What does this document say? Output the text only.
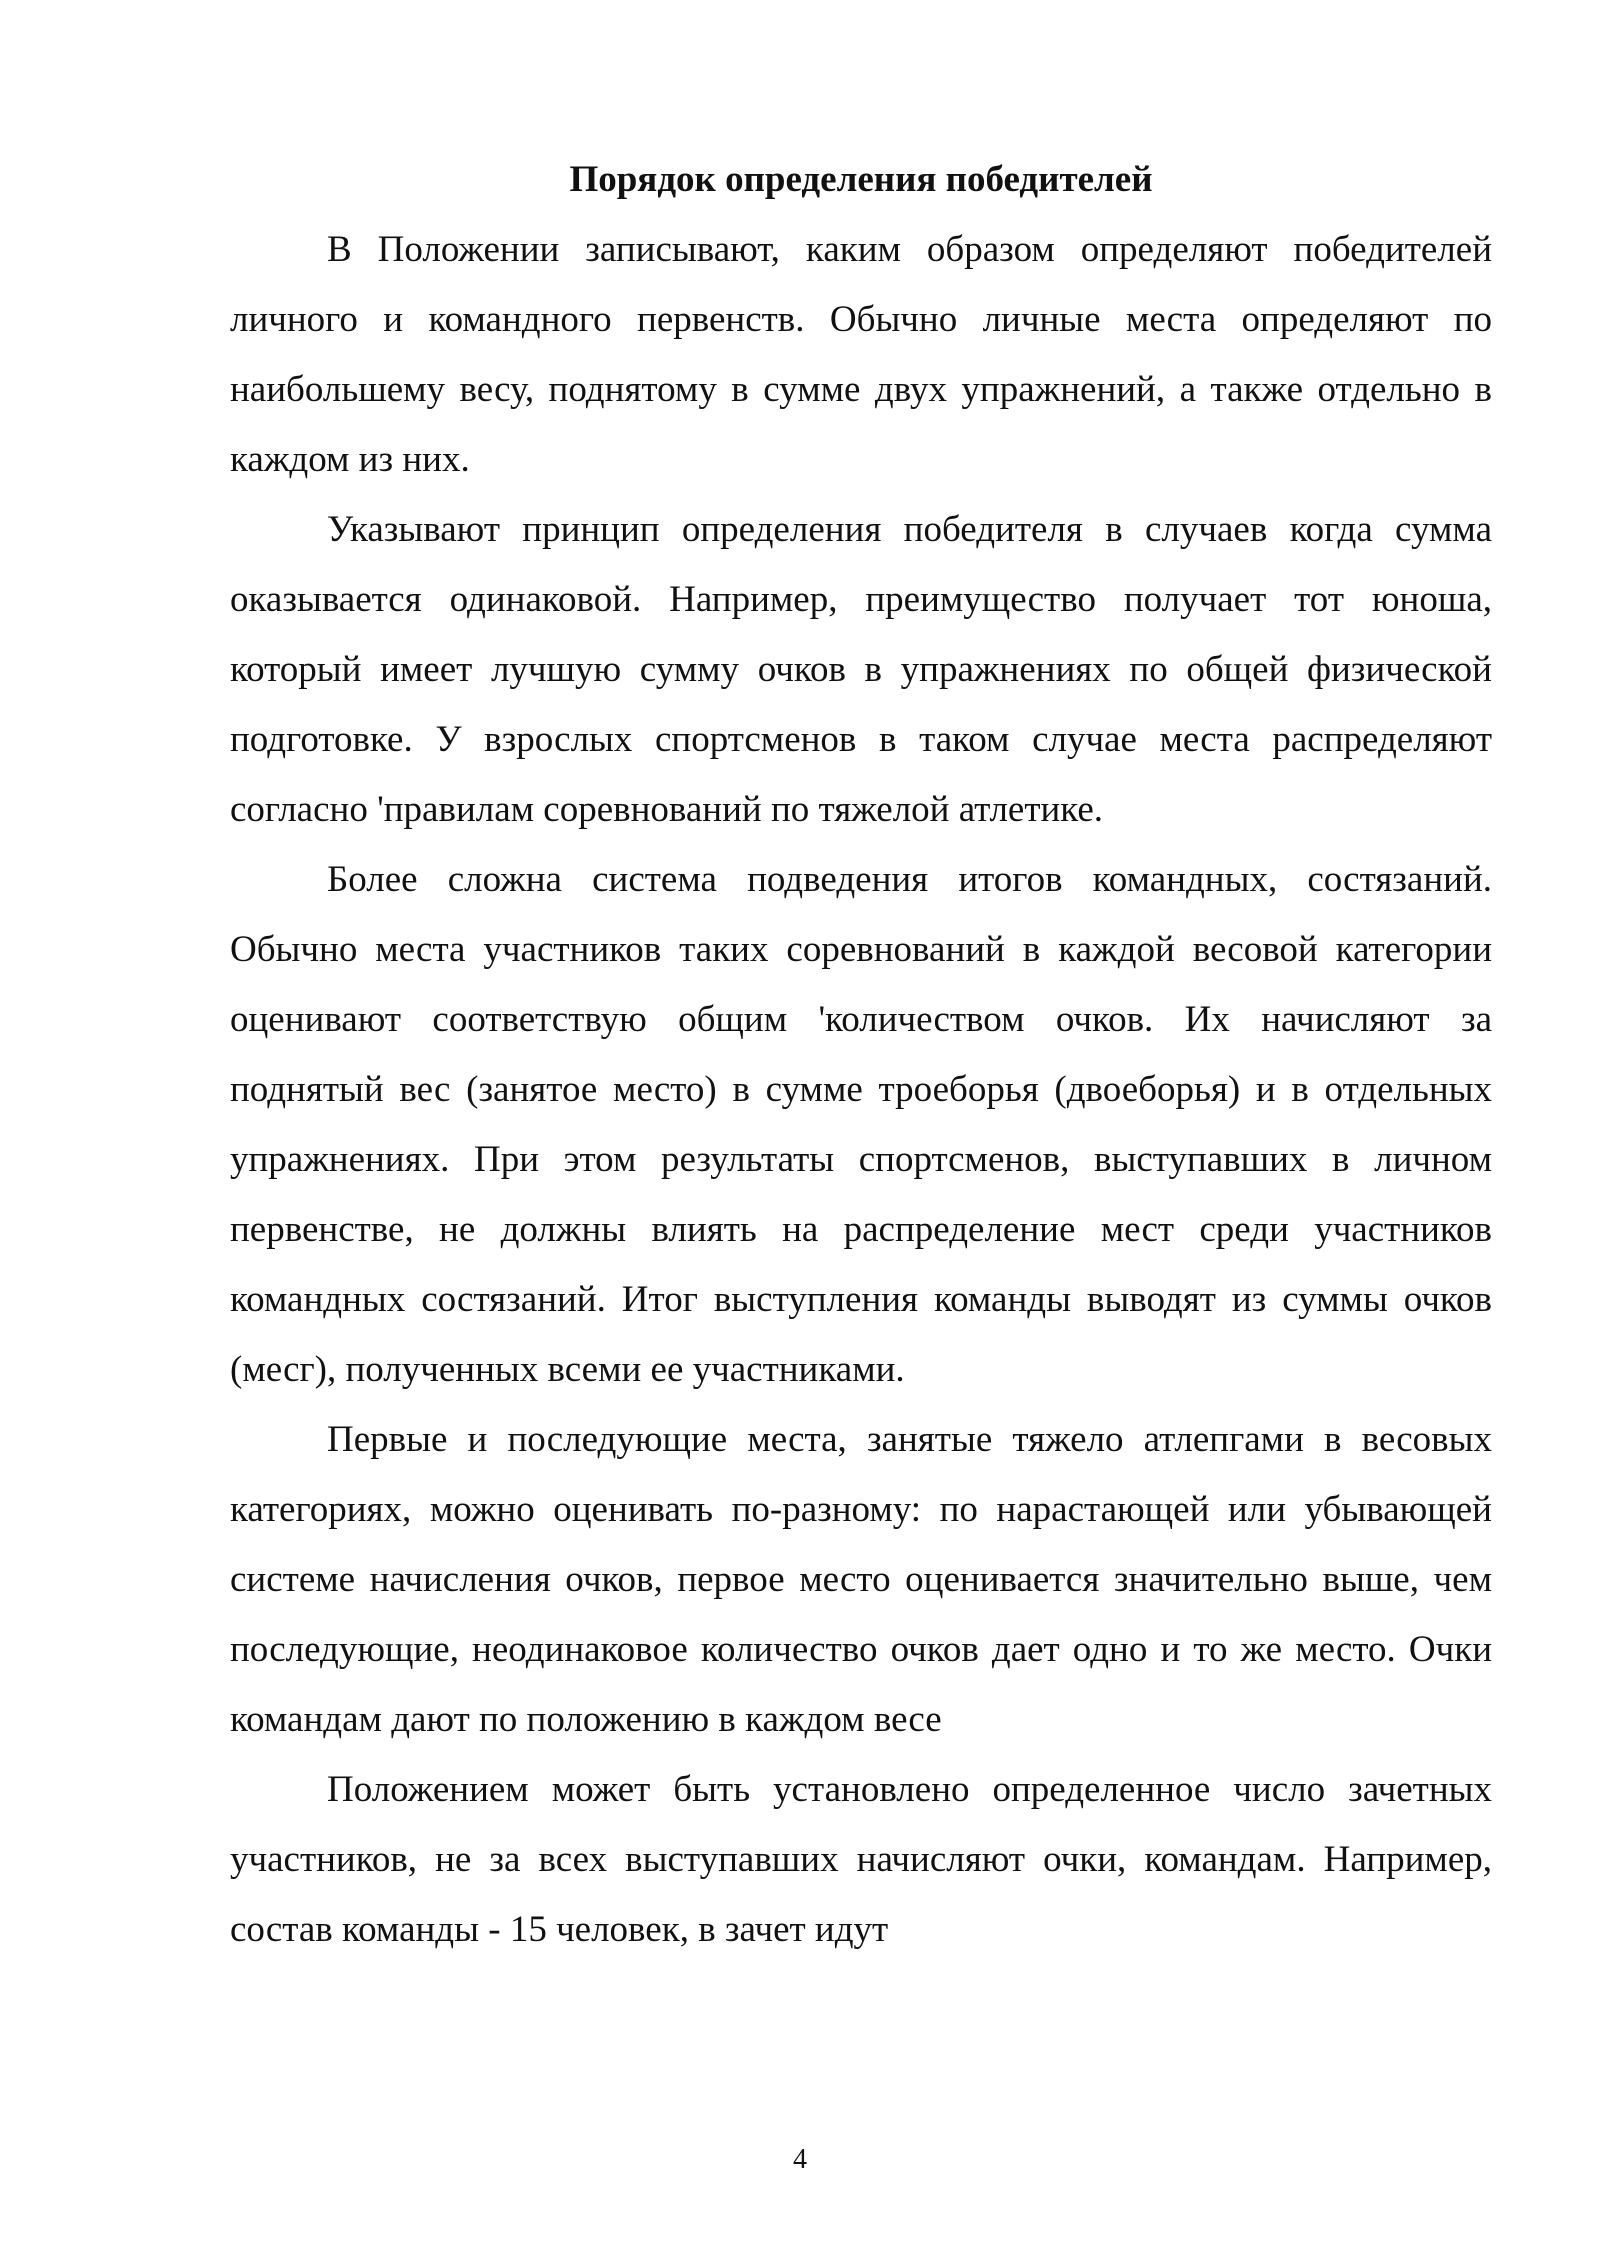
Порядок определения победителей

В Положении записывают, каким образом определяют победителей личного и командного первенств. Обычно личные места определяют по наибольшему весу, поднятому в сумме двух упражнений, а также отдельно в каждом из них.

Указывают принцип определения победителя в случаев когда сумма оказывается одинаковой. Например, преимущество получает тот юноша, который имеет лучшую сумму очков в упражнениях по общей физической подготовке. У взрослых спортсменов в таком случае места распределяют согласно 'правилам соревнований по тяжелой атлетике.

Более сложна система подведения итогов командных, состязаний. Обычно места участников таких соревнований в каждой весовой категории оценивают соответствую общим 'количеством очков. Их начисляют за поднятый вес (занятое место) в сумме троеборья (двоеборья) и в отдельных упражнениях. При этом результаты спортсменов, выступавших в личном первенстве, не должны влиять на распределение мест среди участников командных состязаний. Итог выступления команды выводят из суммы очков (месг), полученных всеми ее участниками.

Первые и последующие места, занятые тяжело атлепгами в весовых категориях, можно оценивать по-разному: по нарастающей или убывающей системе начисления очков, первое место оценивается значительно выше, чем последующие, неодинаковое количество очков дает одно и то же место. Очки командам дают по положению в каждом весе

Положением может быть установлено определенное число зачетных участников, не за всех выступавших начисляют очки, командам. Например, состав команды - 15 человек, в зачет идут

4
